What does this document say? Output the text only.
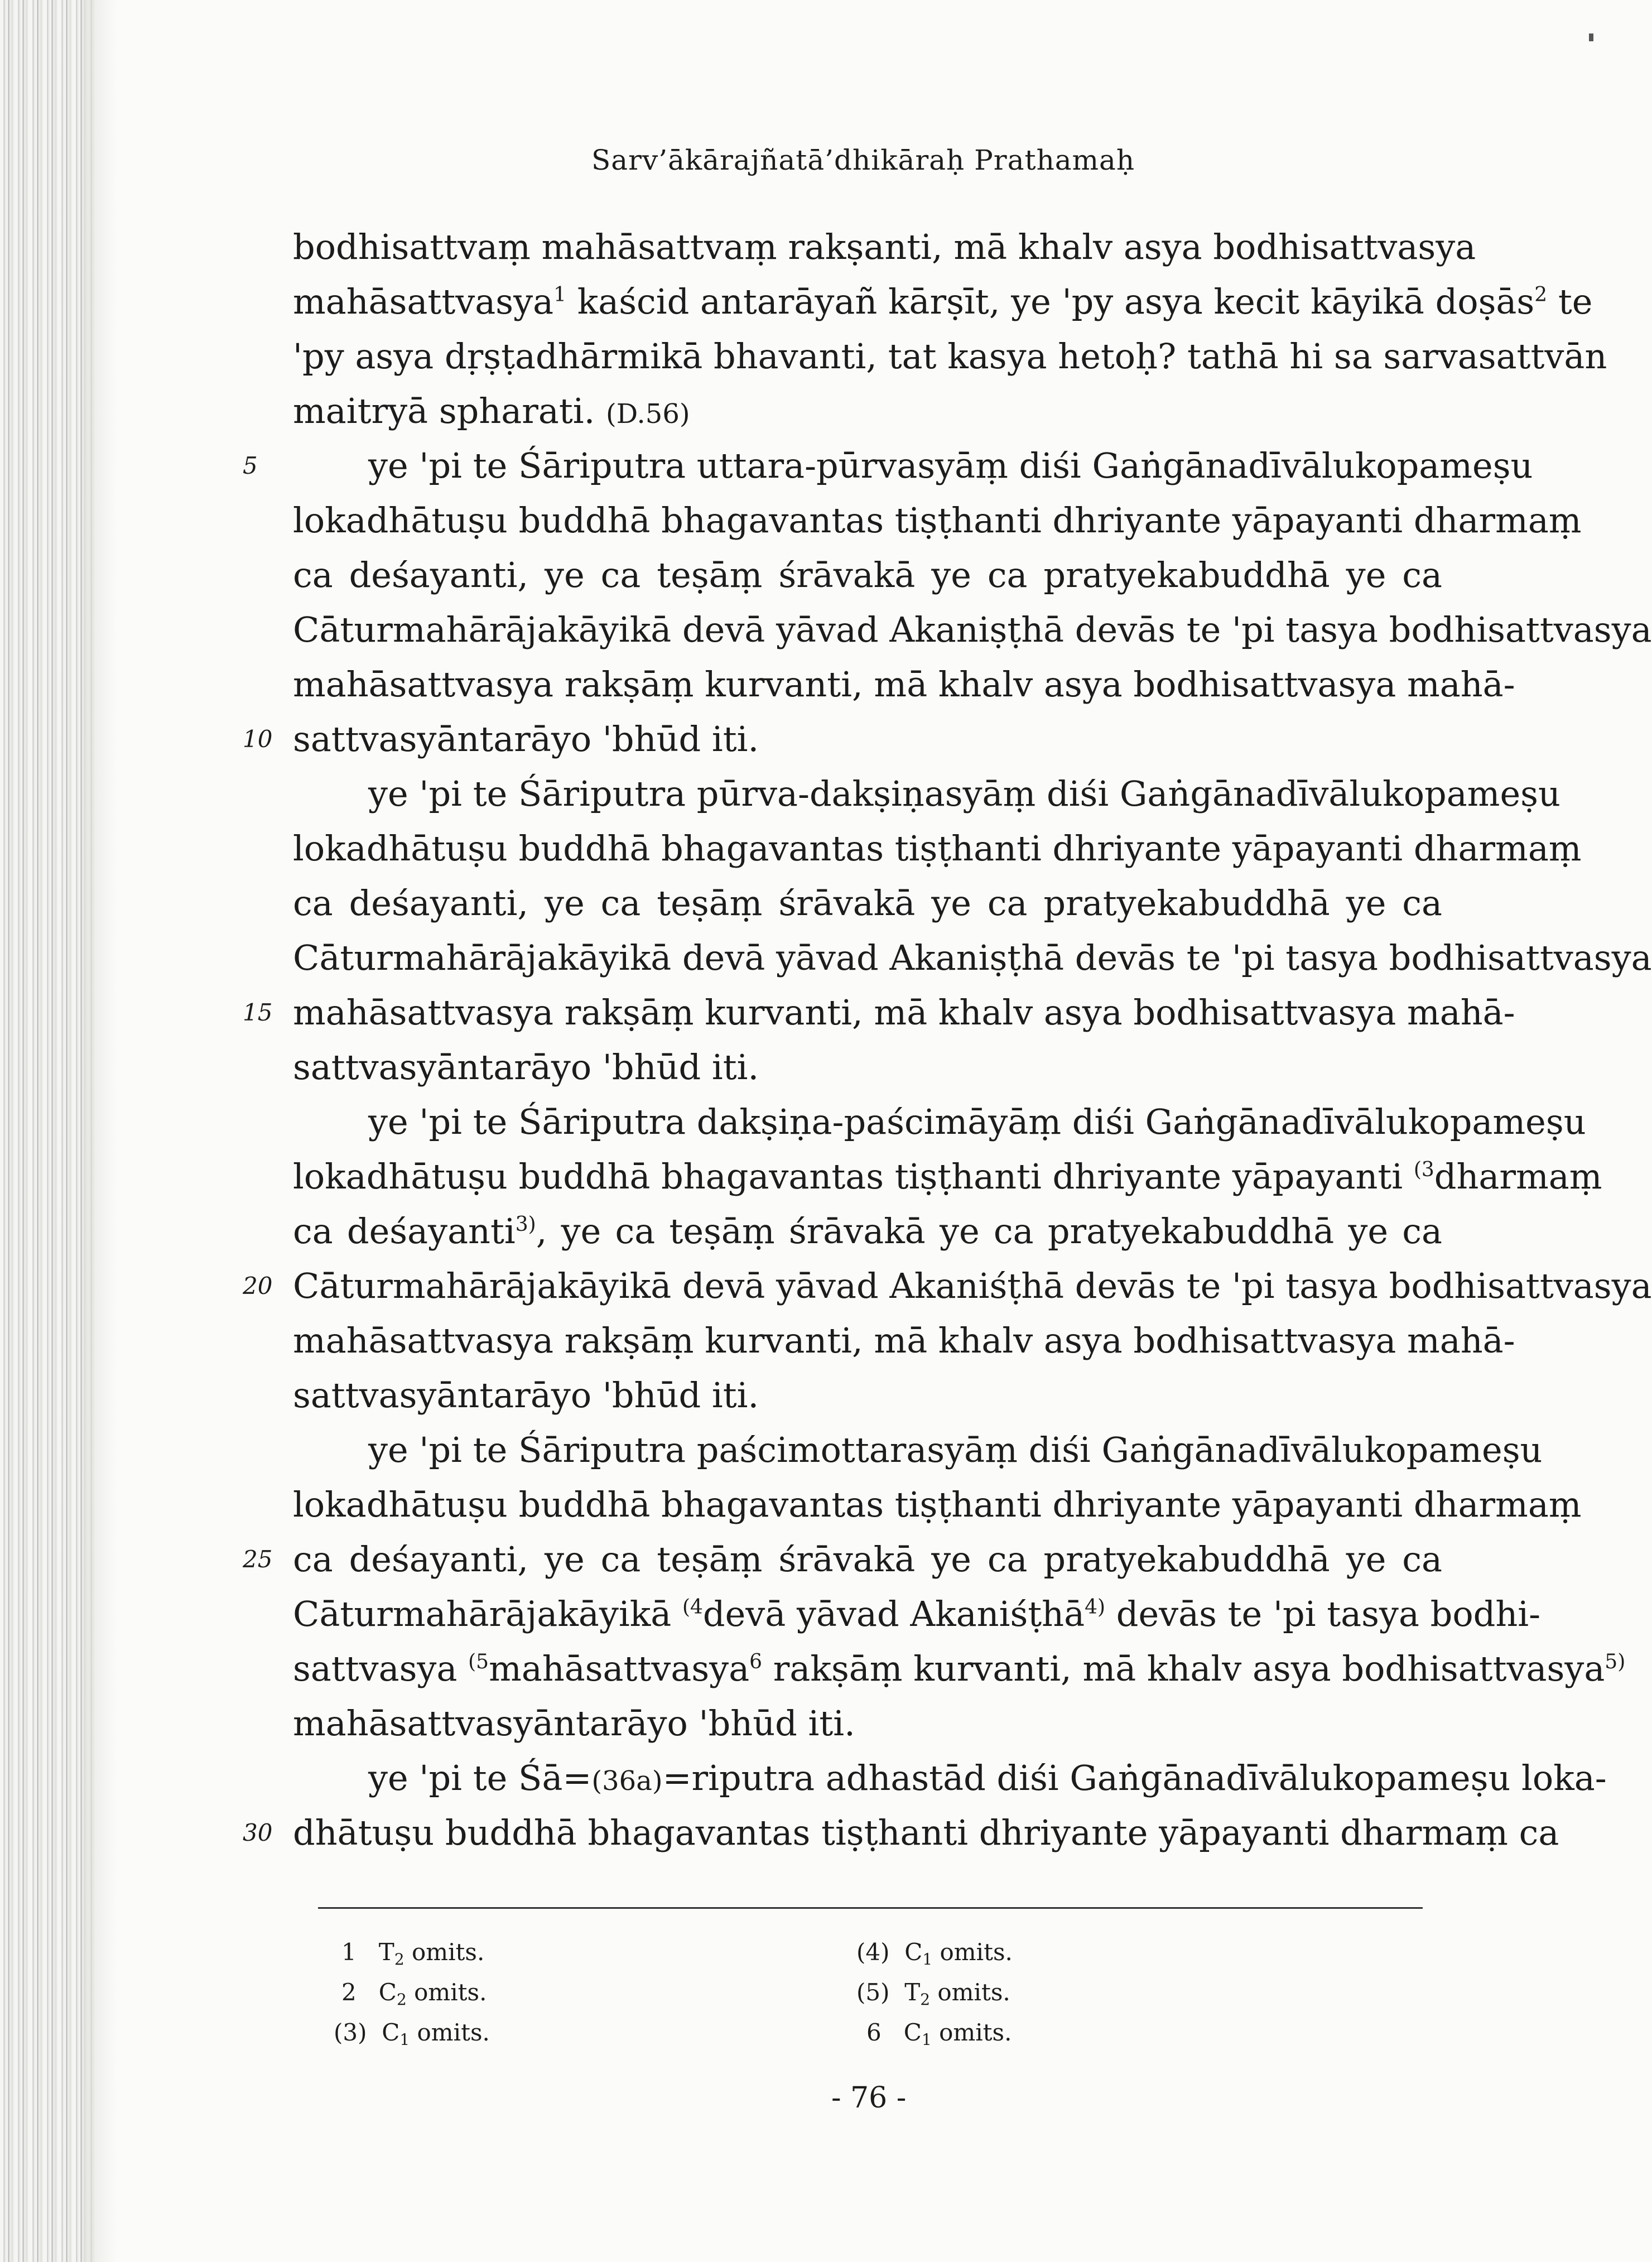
Sarv’ākārajñatā’dhikāraḥ Prathamaḥ
bodhisattvaṃ mahāsattvaṃ rakṣanti, mā khalv asya bodhisattvasya
mahāsattvasya$^1$ kaścid antarāyañ kārṣīt, ye 'py asya kecit kāyikā doṣās$^2$ te
'py asya dṛṣṭadhārmikā bhavanti, tat kasya hetoḥ? tathā hi sa sarvasattvān
maitryā spharati. (D.56)
5	ye 'pi te Śāriputra uttara-pūrvasyāṃ diśi Gaṅgānadīvālukopameṣu
lokadhātuṣu buddhā bhagavantas tiṣṭhanti dhriyante yāpayanti dharmaṃ
ca deśayanti, ye ca teṣāṃ śrāvakā ye ca pratyekabuddhā ye ca
Cāturmahārājakāyikā devā yāvad Akaniṣṭhā devās te 'pi tasya bodhisattvasya
mahāsattvasya rakṣāṃ kurvanti, mā khalv asya bodhisattvasya mahā-
10 sattvasyāntarāyo 'bhūd iti.
ye 'pi te Śāriputra pūrva-dakṣiṇasyāṃ diśi Gaṅgānadīvālukopameṣu
lokadhātuṣu buddhā bhagavantas tiṣṭhanti dhriyante yāpayanti dharmaṃ
ca deśayanti, ye ca teṣāṃ śrāvakā ye ca pratyekabuddhā ye ca
Cāturmahārājakāyikā devā yāvad Akaniṣṭhā devās te 'pi tasya bodhisattvasya
15 mahāsattvasya rakṣāṃ kurvanti, mā khalv asya bodhisattvasya mahā-
sattvasyāntarāyo 'bhūd iti.
ye 'pi te Śāriputra dakṣiṇa-paścimāyāṃ diśi Gaṅgānadīvālukopameṣu
lokadhātuṣu buddhā bhagavantas tiṣṭhanti dhriyante yāpayanti $^{(3}$dharmaṃ
ca deśayanti$^{3)}$, ye ca teṣāṃ śrāvakā ye ca pratyekabuddhā ye ca
20 Cāturmahārājakāyikā devā yāvad Akaniśṭhā devās te 'pi tasya bodhisattvasya
mahāsattvasya rakṣāṃ kurvanti, mā khalv asya bodhisattvasya mahā-
sattvasyāntarāyo 'bhūd iti.
ye 'pi te Śāriputra paścimottarasyāṃ diśi Gaṅgānadīvālukopameṣu
lokadhātuṣu buddhā bhagavantas tiṣṭhanti dhriyante yāpayanti dharmaṃ
25 ca deśayanti, ye ca teṣāṃ śrāvakā ye ca pratyekabuddhā ye ca
Cāturmahārājakāyikā $^{(4}$devā yāvad Akaniśṭhā$^{4)}$ devās te 'pi tasya bodhi-
sattvasya $^{(5}$mahāsattvasya$^6$ rakṣāṃ kurvanti, mā khalv asya bodhisattvasya$^{5)}$
mahāsattvasyāntarāyo 'bhūd iti.
ye 'pi te Śā=(36a)=riputra adhastād diśi Gaṅgānadīvālukopameṣu loka-
30 dhātuṣu buddhā bhagavantas tiṣṭhanti dhriyante yāpayanti dharmaṃ ca
1 $T_2$ omits.
2 $C_2$ omits.
(3) $C_1$ omits.
(4) $C_1$ omits.
(5) $T_2$ omits.
6 $C_1$ omits.
- 76 -
